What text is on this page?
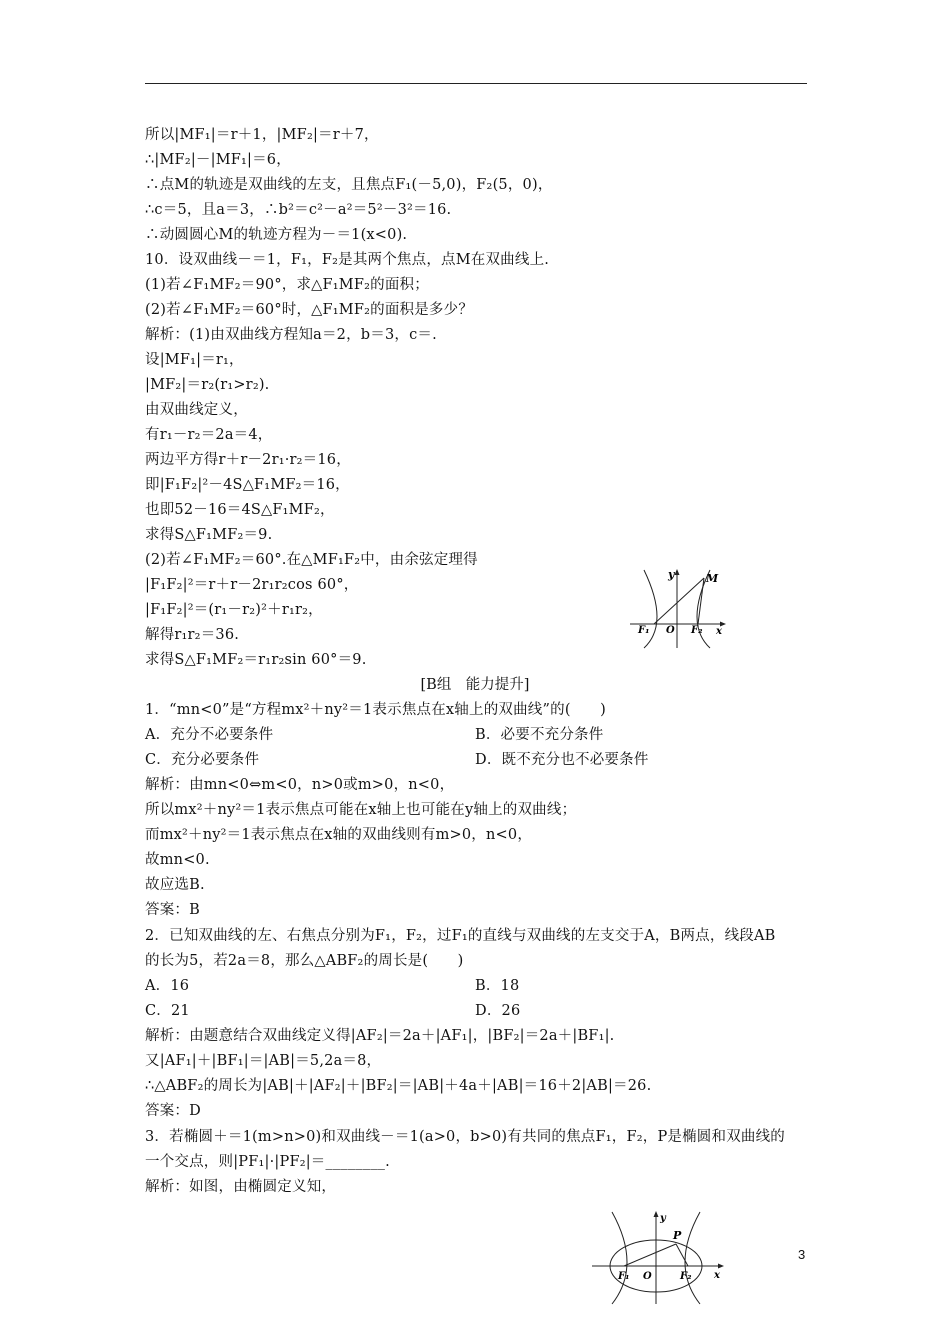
所以|MF₁|＝r＋1，|MF₂|＝r＋7，
∴|MF₂|－|MF₁|＝6，
∴点M的轨迹是双曲线的左支，且焦点F₁(－5,0)，F₂(5，0)，
∴c＝5，且a＝3，∴b²＝c²－a²＝5²－3²＝16.
∴动圆圆心M的轨迹方程为－＝1(x<0).
10．设双曲线－＝1，F₁，F₂是其两个焦点，点M在双曲线上.
(1)若∠F₁MF₂＝90°，求△F₁MF₂的面积；
(2)若∠F₁MF₂＝60°时，△F₁MF₂的面积是多少？
解析：(1)由双曲线方程知a＝2，b＝3，c＝.
设|MF₁|＝r₁，
|MF₂|＝r₂(r₁>r₂).
由双曲线定义，
有r₁－r₂＝2a＝4，
两边平方得r＋r－2r₁·r₂＝16，
即|F₁F₂|²－4S△F₁MF₂＝16，
也即52－16＝4S△F₁MF₂，
求得S△F₁MF₂＝9.
(2)若∠F₁MF₂＝60°.在△MF₁F₂中，由余弦定理得
|F₁F₂|²＝r＋r－2r₁r₂cos 60°，
|F₁F₂|²＝(r₁－r₂)²＋r₁r₂，
解得r₁r₂＝36.
求得S△F₁MF₂＝r₁r₂sin 60°＝9.
y
x
M
F₁ O F₂
[B组　能力提升]
1．“mn<0”是“方程mx²＋ny²＝1表示焦点在x轴上的双曲线”的(　　)
A．充分不必要条件	B．必要不充分条件
C．充分必要条件	D．既不充分也不必要条件
解析：由mn<0⇔m<0，n>0或m>0，n<0，
所以mx²＋ny²＝1表示焦点可能在x轴上也可能在y轴上的双曲线；
而mx²＋ny²＝1表示焦点在x轴的双曲线则有m>0，n<0，
故mn<0.
故应选B.
答案：B
2．已知双曲线的左、右焦点分别为F₁，F₂，过F₁的直线与双曲线的左支交于A，B两点，线段AB
的长为5，若2a＝8，那么△ABF₂的周长是(　　)
A．16	B．18
C．21	D．26
解析：由题意结合双曲线定义得|AF₂|＝2a＋|AF₁|，|BF₂|＝2a＋|BF₁|.
又|AF₁|＋|BF₁|＝|AB|＝5,2a＝8，
∴△ABF₂的周长为|AB|＋|AF₂|＋|BF₂|＝|AB|＋4a＋|AB|＝16＋2|AB|＝26.
答案：D
3．若椭圆＋＝1(m>n>0)和双曲线－＝1(a>0，b>0)有共同的焦点F₁，F₂，P是椭圆和双曲线的
一个交点，则|PF₁|·|PF₂|＝________.
解析：如图，由椭圆定义知，
y
x
P
F₁ O	F₂
3
